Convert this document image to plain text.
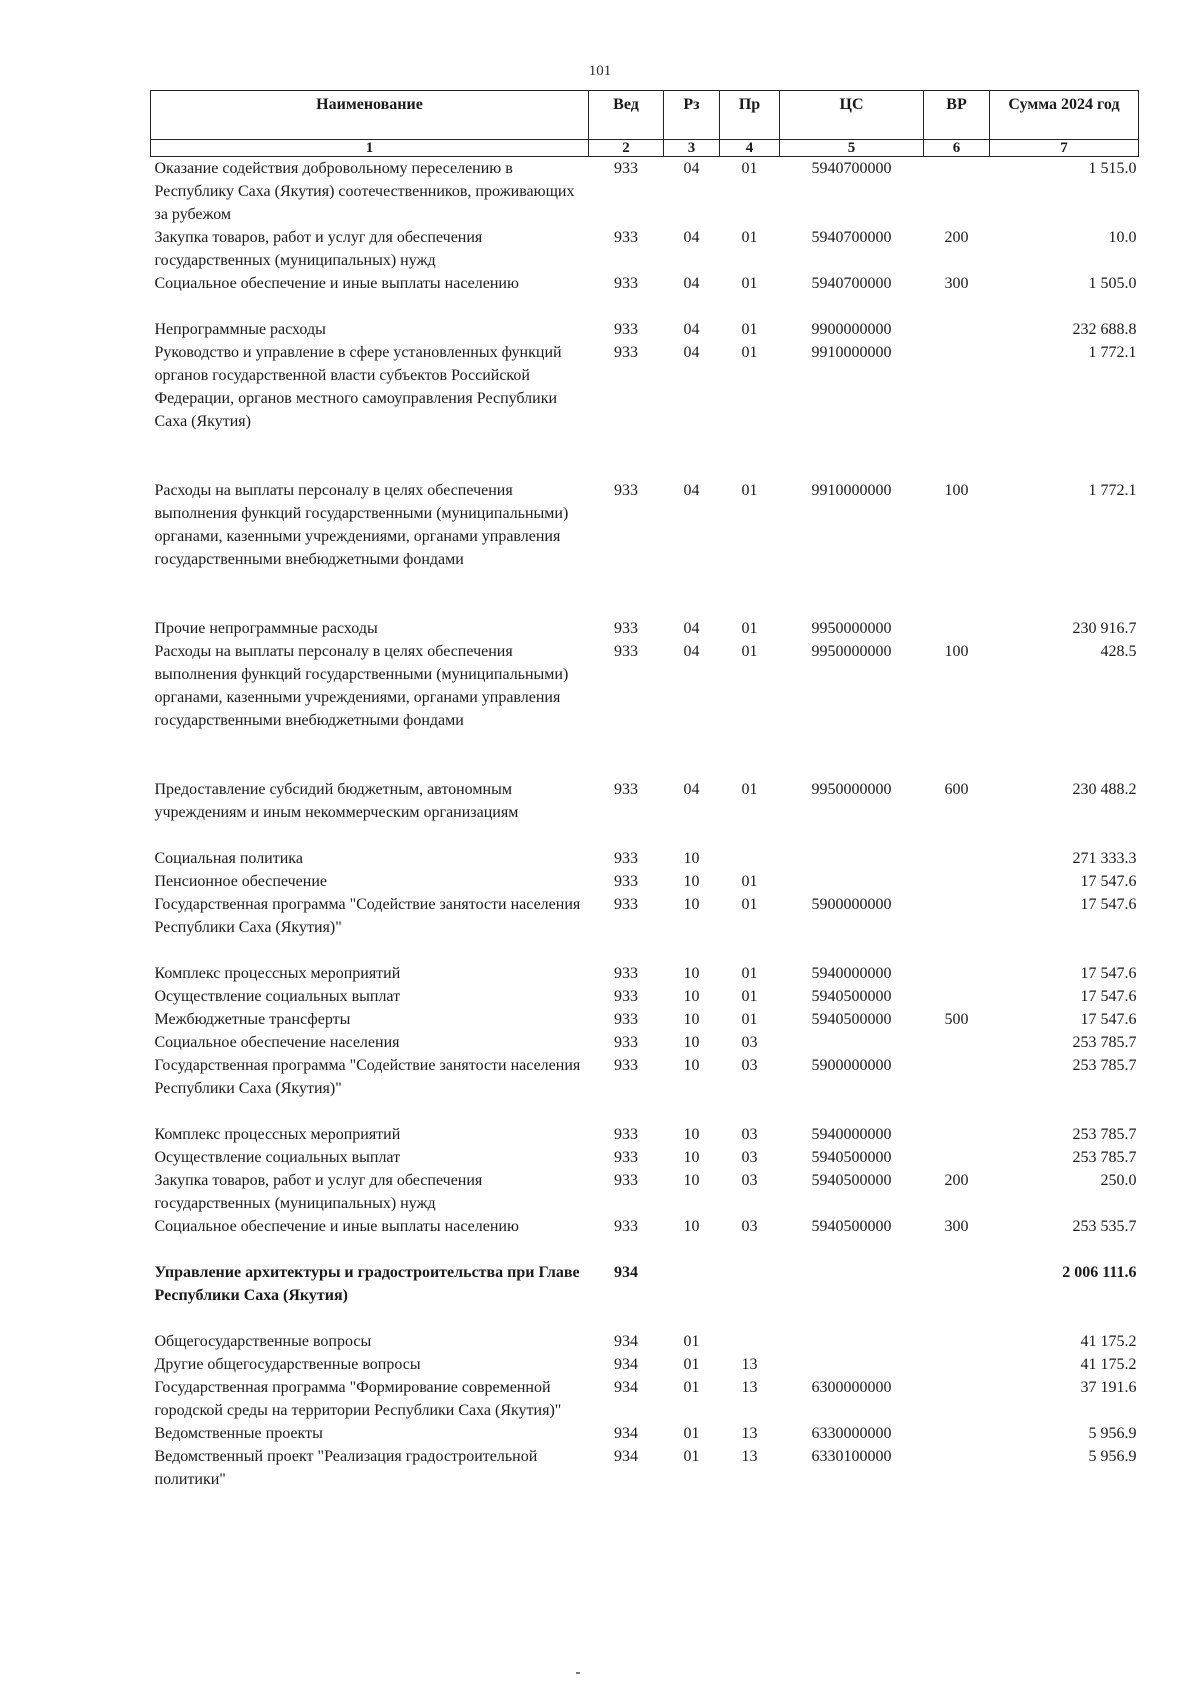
101
Наименование	Вед	Рз	Пр	ЦС	ВР	Сумма 2024 год
1	2	3	4	5	6	7
Оказание содействия добровольному переселению в Республику Саха (Якутия) соотечественников, проживающих за рубежом	933	04	01	5940700000		1 515.0
Закупка товаров, работ и услуг для обеспечения государственных (муниципальных) нужд	933	04	01	5940700000	200	10.0
Социальное обеспечение и иные выплаты населению	933	04	01	5940700000	300	1 505.0
Непрограммные расходы	933	04	01	9900000000		232 688.8
Руководство и управление в сфере установленных функций органов государственной власти субъектов Российской Федерации, органов местного самоуправления Республики Саха (Якутия)	933	04	01	9910000000		1 772.1
Расходы на выплаты персоналу в целях обеспечения выполнения функций государственными (муниципальными) органами, казенными учреждениями, органами управления государственными внебюджетными фондами	933	04	01	9910000000	100	1 772.1
Прочие непрограммные расходы	933	04	01	9950000000		230 916.7
Расходы на выплаты персоналу в целях обеспечения выполнения функций государственными (муниципальными) органами, казенными учреждениями, органами управления государственными внебюджетными фондами	933	04	01	9950000000	100	428.5
Предоставление субсидий бюджетным, автономным учреждениям и иным некоммерческим организациям	933	04	01	9950000000	600	230 488.2
Социальная политика	933	10				271 333.3
Пенсионное обеспечение	933	10	01			17 547.6
Государственная программа "Содействие занятости населения Республики Саха (Якутия)"	933	10	01	5900000000		17 547.6
Комплекс процессных мероприятий	933	10	01	5940000000		17 547.6
Осуществление социальных выплат	933	10	01	5940500000		17 547.6
Межбюджетные трансферты	933	10	01	5940500000	500	17 547.6
Социальное обеспечение населения	933	10	03			253 785.7
Государственная программа "Содействие занятости населения Республики Саха (Якутия)"	933	10	03	5900000000		253 785.7
Комплекс процессных мероприятий	933	10	03	5940000000		253 785.7
Осуществление социальных выплат	933	10	03	5940500000		253 785.7
Закупка товаров, работ и услуг для обеспечения государственных (муниципальных) нужд	933	10	03	5940500000	200	250.0
Социальное обеспечение и иные выплаты населению	933	10	03	5940500000	300	253 535.7
Управление архитектуры и градостроительства при Главе Республики Саха (Якутия)	934					2 006 111.6
Общегосударственные вопросы	934	01				41 175.2
Другие общегосударственные вопросы	934	01	13			41 175.2
Государственная программа "Формирование современной городской среды на территории Республики Саха (Якутия)"	934	01	13	6300000000		37 191.6
Ведомственные проекты	934	01	13	6330000000		5 956.9
Ведомственный проект "Реализация градостроительной политики"	934	01	13	6330100000		5 956.9
